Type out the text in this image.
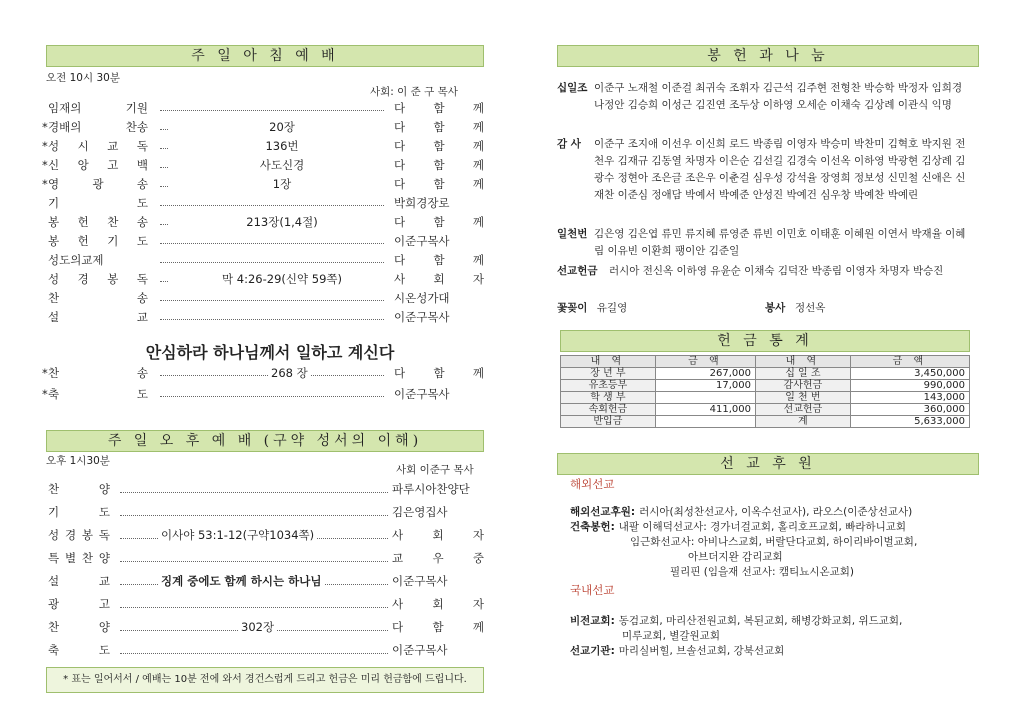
주 일 아 침 예 배
오전 10시 30분
사회: 이 준 구 목사
임재의 기원	다 함 께
* 경배의 찬송	20장	다 함 께
* 성 시 교 독	136번	다 함 께
* 신 앙 고 백	사도신경	다 함 께
* 영 광 송	1장	다 함 께
기 도	박희경장로
봉 헌 찬 송	213장(1,4절)	다 함 께
봉 헌 기 도	이준구목사
성도의교제	다 함 께
성 경 봉 독	막 4:26-29(신약 59쪽)	사 회 자
찬 송	시온성가대
설 교	이준구목사
안심하라 하나님께서 일하고 계신다
* 찬 송	268 장	다 함 께
* 축 도	이준구목사
주 일 오 후 예 배 (구약 성서의 이해)
오후 1시30분
사회 이준구 목사
찬 양	파루시아찬양단
기 도	김은영집사
성 경 봉 독	이사야 53:1-12(구약1034쪽)	사 회 자
특 별 찬 양	교 우 중
설 교	징계 중에도 함께 하시는 하나님	이준구목사
광 고	사 회 자
찬 양	302장	다 함 께
축 도	이준구목사
* 표는 일어서서 / 예배는 10분 전에 와서 경건스럽게 드리고 헌금은 미리 헌금함에 드립니다.
봉 헌 과 나 눔
십일조 이준구 노재철 이준걸 최귀숙 조휘자 김근석 김주현 전형찬 박승학 박정자 임희경 나정안 김승희 이성근 김진연 조두상 이하영 오세순 이채숙 김상례 이관식 익명
감 사 이준구 조지애 이선우 이신희 로드 박종림 이영자 박승미 박찬미 김혁호 박지원 전천우 김재규 김동열 차명자 이은순 김선길 김경숙 이선옥 이하영 박광현 김상례 김광수 정현아 조은글 조은우 이춘걸 심우성 강석율 장영희 정보성 신민철 신애은 신재찬 이준심 정애담 박예서 박예준 안성진 박예건 심우창 박예찬 박예린
일천번 김은영 김은엽 류민 류지혜 류영준 류빈 이민호 이태훈 이혜원 이연서 박재율 이혜림 이유빈 이환희 팽이안 김준일
선교헌금 러시아 전신옥 이하영 유윤순 이채숙 김덕잔 박종림 이영자 차명자 박승진
꽃꽂이 유길영	봉사 정선옥
헌 금 통 계
내 역	금 액	내 역	금 액
장 년 부	267,000	십 일 조	3,450,000
유초등부	17,000	감사헌금	990,000
학 생 부		일 천 번	143,000
속회헌금	411,000	선교헌금	360,000
반입금		계	5,633,000
선 교 후 원
해외선교
해외선교후원: 러시아(최성찬선교사, 이옥수선교사), 라오스(이준상선교사)
건축봉헌: 내팔 이해덕선교사: 경가너걸교회, 홀리호프교회, 빠라하니교회
임근화선교사: 아비나스교회, 버랄단다교회, 하이리바이벌교회,
아브더지완 감리교회
필리핀 (임을재 선교사: 캠티뇨시온교회)
국내선교
비전교회: 동검교회, 마리산전원교회, 복된교회, 해병강화교회, 위드교회,
미루교회, 별갈원교회
선교기관: 마리실버힐, 브솔선교회, 강북선교회
